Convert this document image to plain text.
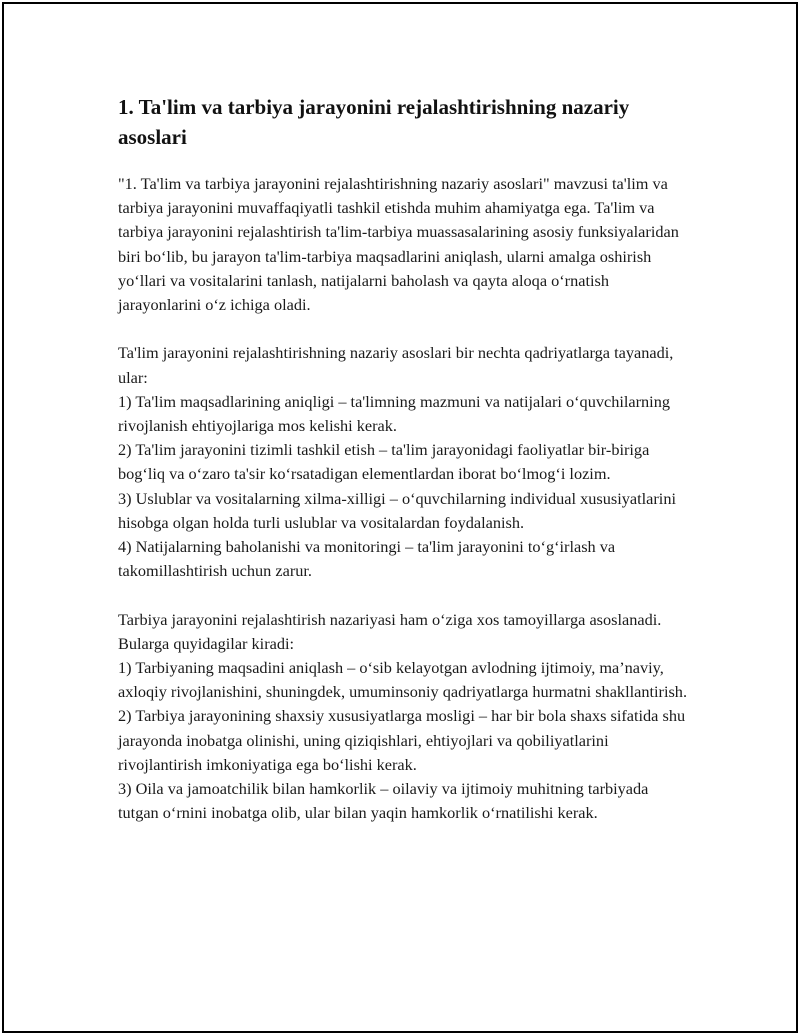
1. Ta'lim va tarbiya jarayonini rejalashtirishning nazariy asoslari

"1. Ta'lim va tarbiya jarayonini rejalashtirishning nazariy asoslari" mavzusi ta'lim va tarbiya jarayonini muvaffaqiyatli tashkil etishda muhim ahamiyatga ega. Ta'lim va tarbiya jarayonini rejalashtirish ta'lim-tarbiya muassasalarining asosiy funksiyalaridan biri bo‘lib, bu jarayon ta'lim-tarbiya maqsadlarini aniqlash, ularni amalga oshirish yo‘llari va vositalarini tanlash, natijalarni baholash va qayta aloqa o‘rnatish jarayonlarini o‘z ichiga oladi.

Ta'lim jarayonini rejalashtirishning nazariy asoslari bir nechta qadriyatlarga tayanadi, ular:
1) Ta'lim maqsadlarining aniqligi – ta'limning mazmuni va natijalari o‘quvchilarning rivojlanish ehtiyojlariga mos kelishi kerak.
2) Ta'lim jarayonini tizimli tashkil etish – ta'lim jarayonidagi faoliyatlar bir-biriga bog‘liq va o‘zaro ta'sir ko‘rsatadigan elementlardan iborat bo‘lmog‘i lozim.
3) Uslublar va vositalarning xilma-xilligi – o‘quvchilarning individual xususiyatlarini hisobga olgan holda turli uslublar va vositalardan foydalanish.
4) Natijalarning baholanishi va monitoringi – ta'lim jarayonini to‘g‘irlash va takomillashtirish uchun zarur.
Tarbiya jarayonini rejalashtirish nazariyasi ham o‘ziga xos tamoyillarga asoslanadi. Bularga quyidagilar kiradi:
1) Tarbiyaning maqsadini aniqlash – o‘sib kelayotgan avlodning ijtimoiy, ma’naviy, axloqiy rivojlanishini, shuningdek, umuminsoniy qadriyatlarga hurmatni shakllantirish.
2) Tarbiya jarayonining shaxsiy xususiyatlarga mosligi – har bir bola shaxs sifatida shu jarayonda inobatga olinishi, uning qiziqishlari, ehtiyojlari va qobiliyatlarini rivojlantirish imkoniyatiga ega bo‘lishi kerak.
3) Oila va jamoatchilik bilan hamkorlik – oilaviy va ijtimoiy muhitning tarbiyada tutgan o‘rnini inobatga olib, ular bilan yaqin hamkorlik o‘rnatilishi kerak.
